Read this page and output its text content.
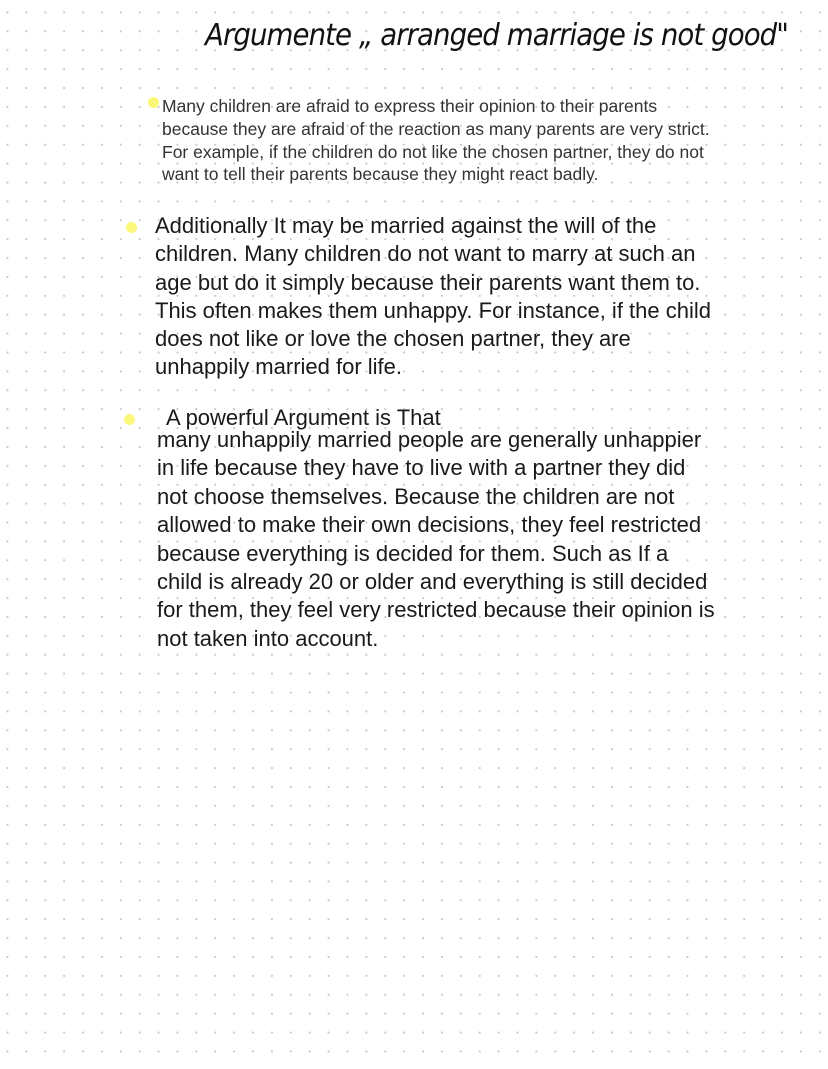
Argumente „ arranged marriage is not good"
Many children are afraid to express their opinion to their parents
because they are afraid of the reaction as many parents are very strict.
For example, if the children do not like the chosen partner, they do not
want to tell their parents because they might react badly.
Additionally It may be married against the will of the
children. Many children do not want to marry at such an
age but do it simply because their parents want them to.
This often makes them unhappy. For instance, if the child
does not like or love the chosen partner, they are
unhappily married for life.
A powerful Argument is That
many unhappily married people are generally unhappier
in life because they have to live with a partner they did
not choose themselves. Because the children are not
allowed to make their own decisions, they feel restricted
because everything is decided for them. Such as If a
child is already 20 or older and everything is still decided
for them, they feel very restricted because their opinion is
not taken into account.
